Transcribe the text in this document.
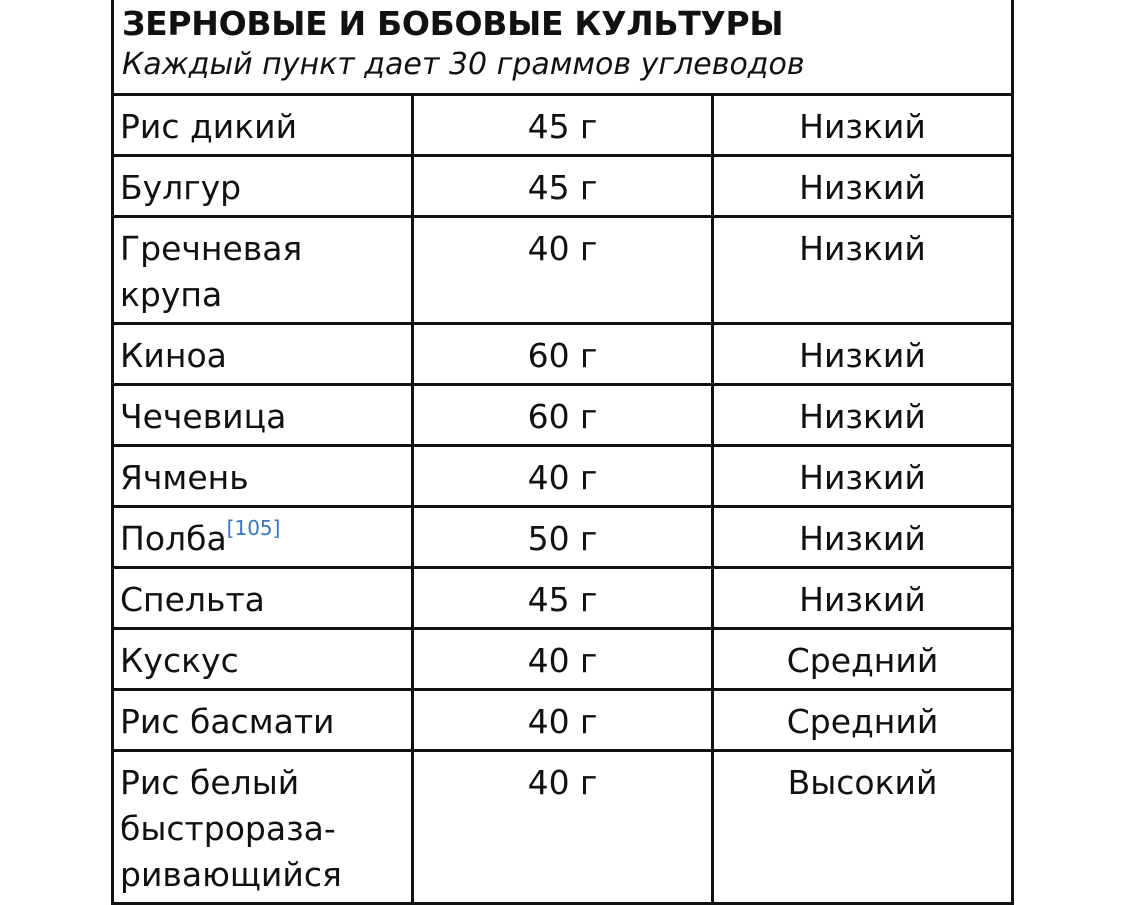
ЗЕРНОВЫЕ И БОБОВЫЕ КУЛЬТУРЫ
Каждый пункт дает 30 граммов углеводов		

Рис дикий	45 г	Низкий
Булгур	45 г	Низкий
Гречневая крупа	40 г	Низкий
Киноа	60 г	Низкий
Чечевица	60 г	Низкий
Ячмень	40 г	Низкий
Полба[105]	50 г	Низкий
Спельта	45 г	Низкий
Кускус	40 г	Средний
Рис басмати	40 г	Средний
Рис белый быстрораза-
ривающийся	40 г	Высокий
